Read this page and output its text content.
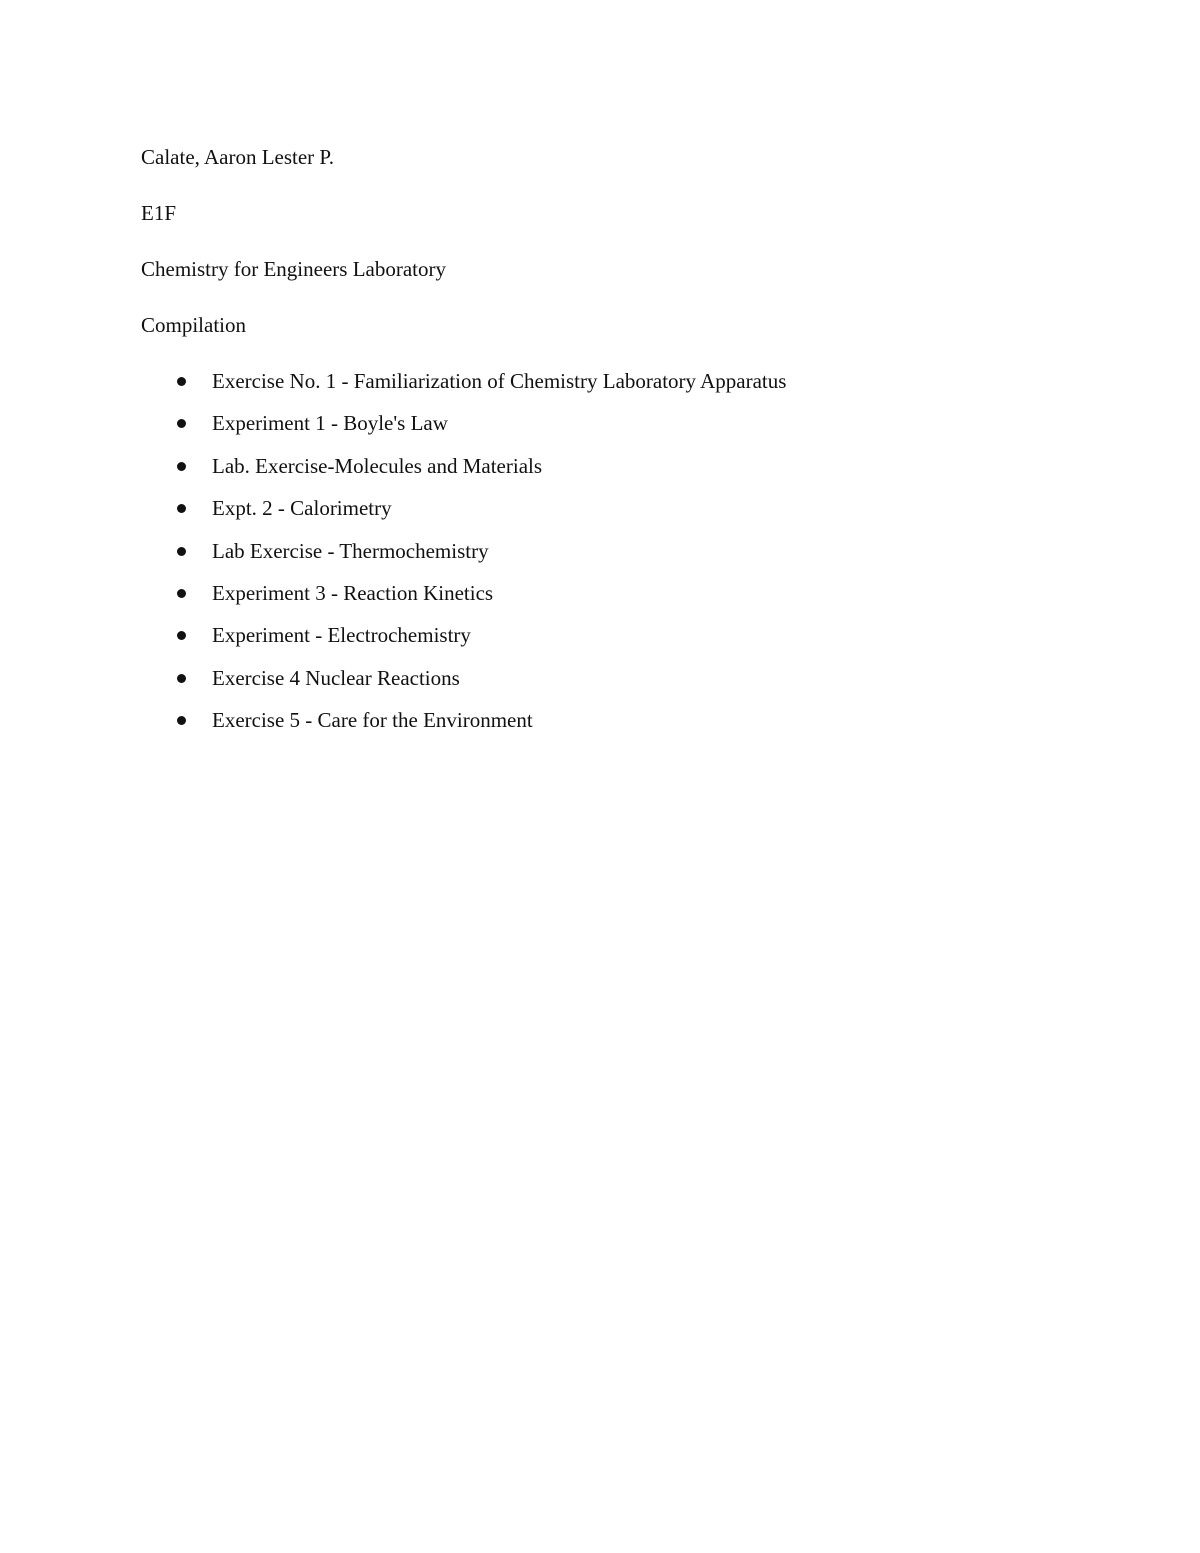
Calate, Aaron Lester P.

E1F

Chemistry for Engineers Laboratory

Compilation

Exercise No. 1 - Familiarization of Chemistry Laboratory Apparatus
Experiment 1 - Boyle's Law
Lab. Exercise-Molecules and Materials
Expt. 2 - Calorimetry
Lab Exercise - Thermochemistry
Experiment 3 - Reaction Kinetics
Experiment - Electrochemistry
Exercise 4 Nuclear Reactions
Exercise 5 - Care for the Environment
